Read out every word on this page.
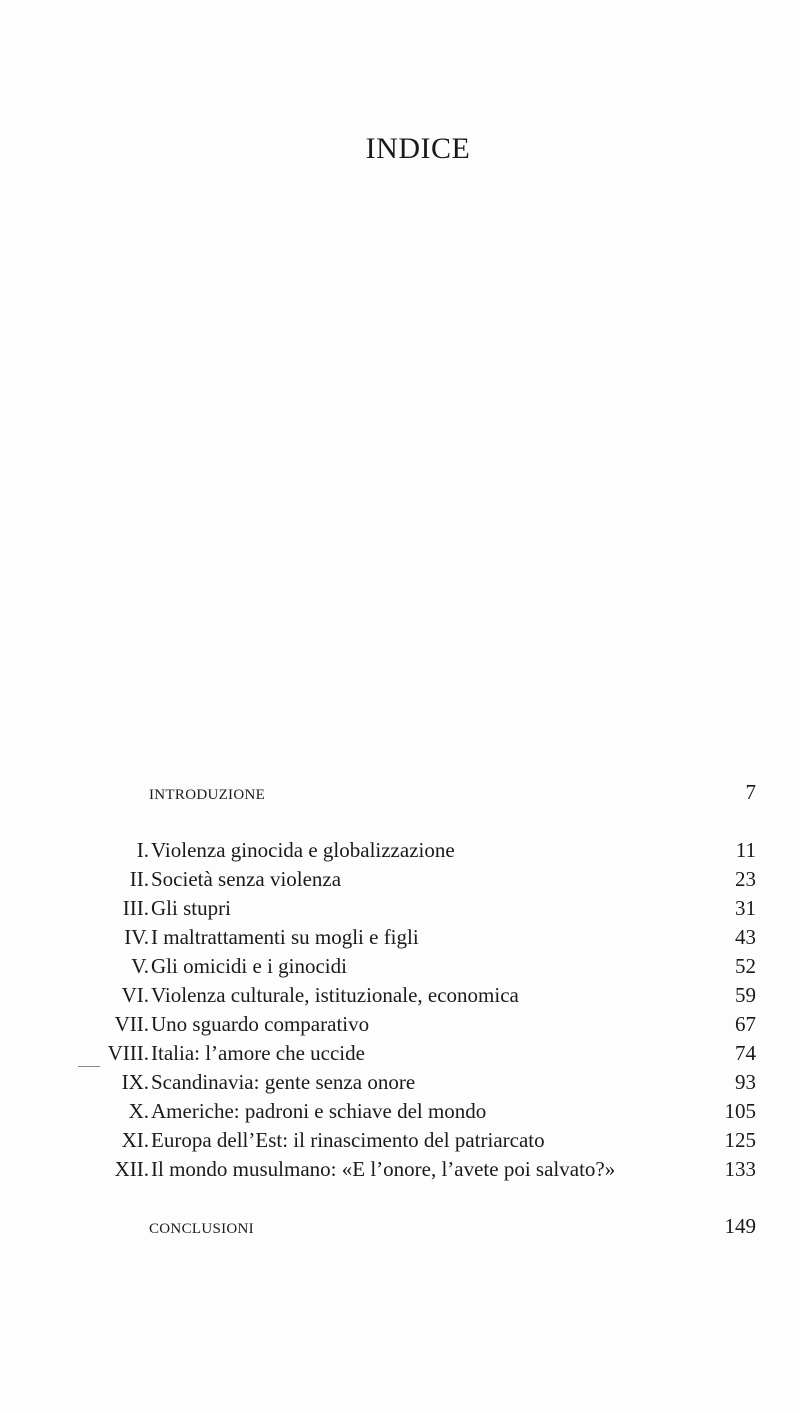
INDICE
INTRODUZIONE	7
I. Violenza ginocida e globalizzazione	11
II. Società senza violenza	23
III. Gli stupri	31
IV. I maltrattamenti su mogli e figli	43
V. Gli omicidi e i ginocidi	52
VI. Violenza culturale, istituzionale, economica	59
VII. Uno sguardo comparativo	67
VIII. Italia: l’amore che uccide	74
IX. Scandinavia: gente senza onore	93
X. Americhe: padroni e schiave del mondo	105
XI. Europa dell’Est: il rinascimento del patriarcato	125
XII. Il mondo musulmano: «E l’onore, l’avete poi salvato?»	133
CONCLUSIONI	149
